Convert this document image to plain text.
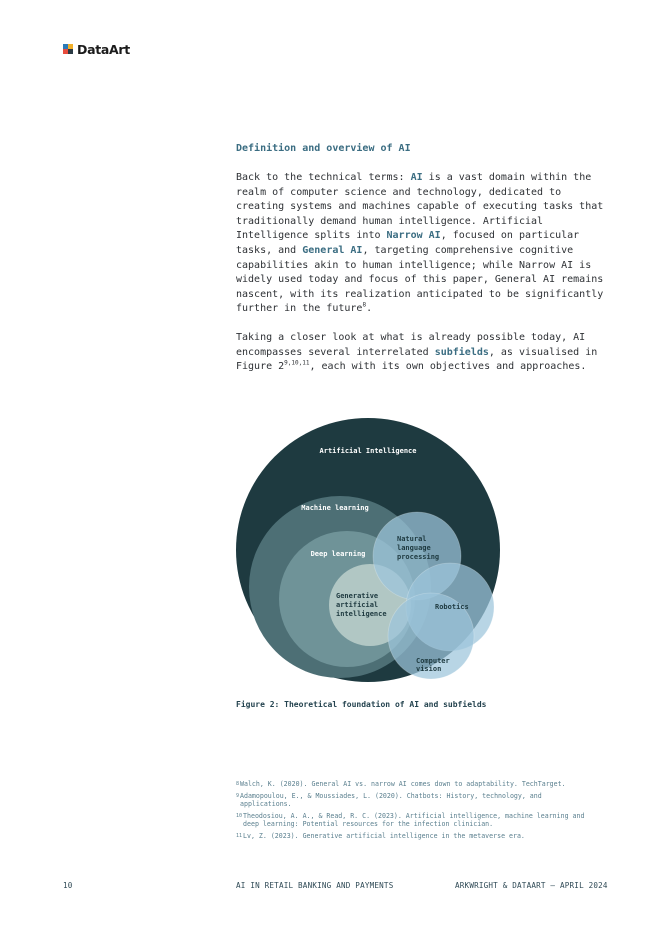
DataArt
Definition and overview of AI
Back to the technical terms: AI is a vast domain within the realm of computer science and technology, dedicated to creating systems and machines capable of executing tasks that traditionally demand human intelligence. Artificial Intelligence splits into Narrow AI, focused on particular tasks, and General AI, targeting comprehensive cognitive capabilities akin to human intelligence; while Narrow AI is widely used today and focus of this paper, General AI remains nascent, with its realization anticipated to be significantly further in the future$^8$.
Taking a closer look at what is already possible today, AI encompasses several interrelated subfields, as visualised in Figure 2$^{9,10,11}$, each with its own objectives and approaches.
Artificial Intelligence
Machine learning
Deep learning
Generative
artificial
intelligence
Natural
language
processing
Robotics
Computer
vision
Figure 2: Theoretical foundation of AI and subfields
8 Walch, K. (2020). General AI vs. narrow AI comes down to adaptability. TechTarget.
9 Adamopoulou, E., & Moussiades, L. (2020). Chatbots: History, technology, and applications.
10 Theodosiou, A. A., & Read, R. C. (2023). Artificial intelligence, machine learning and deep learning: Potential resources for the infection clinician.
11 Lv, Z. (2023). Generative artificial intelligence in the metaverse era.
10	AI IN RETAIL BANKING AND PAYMENTS	ARKWRIGHT & DATAART – APRIL 2024
